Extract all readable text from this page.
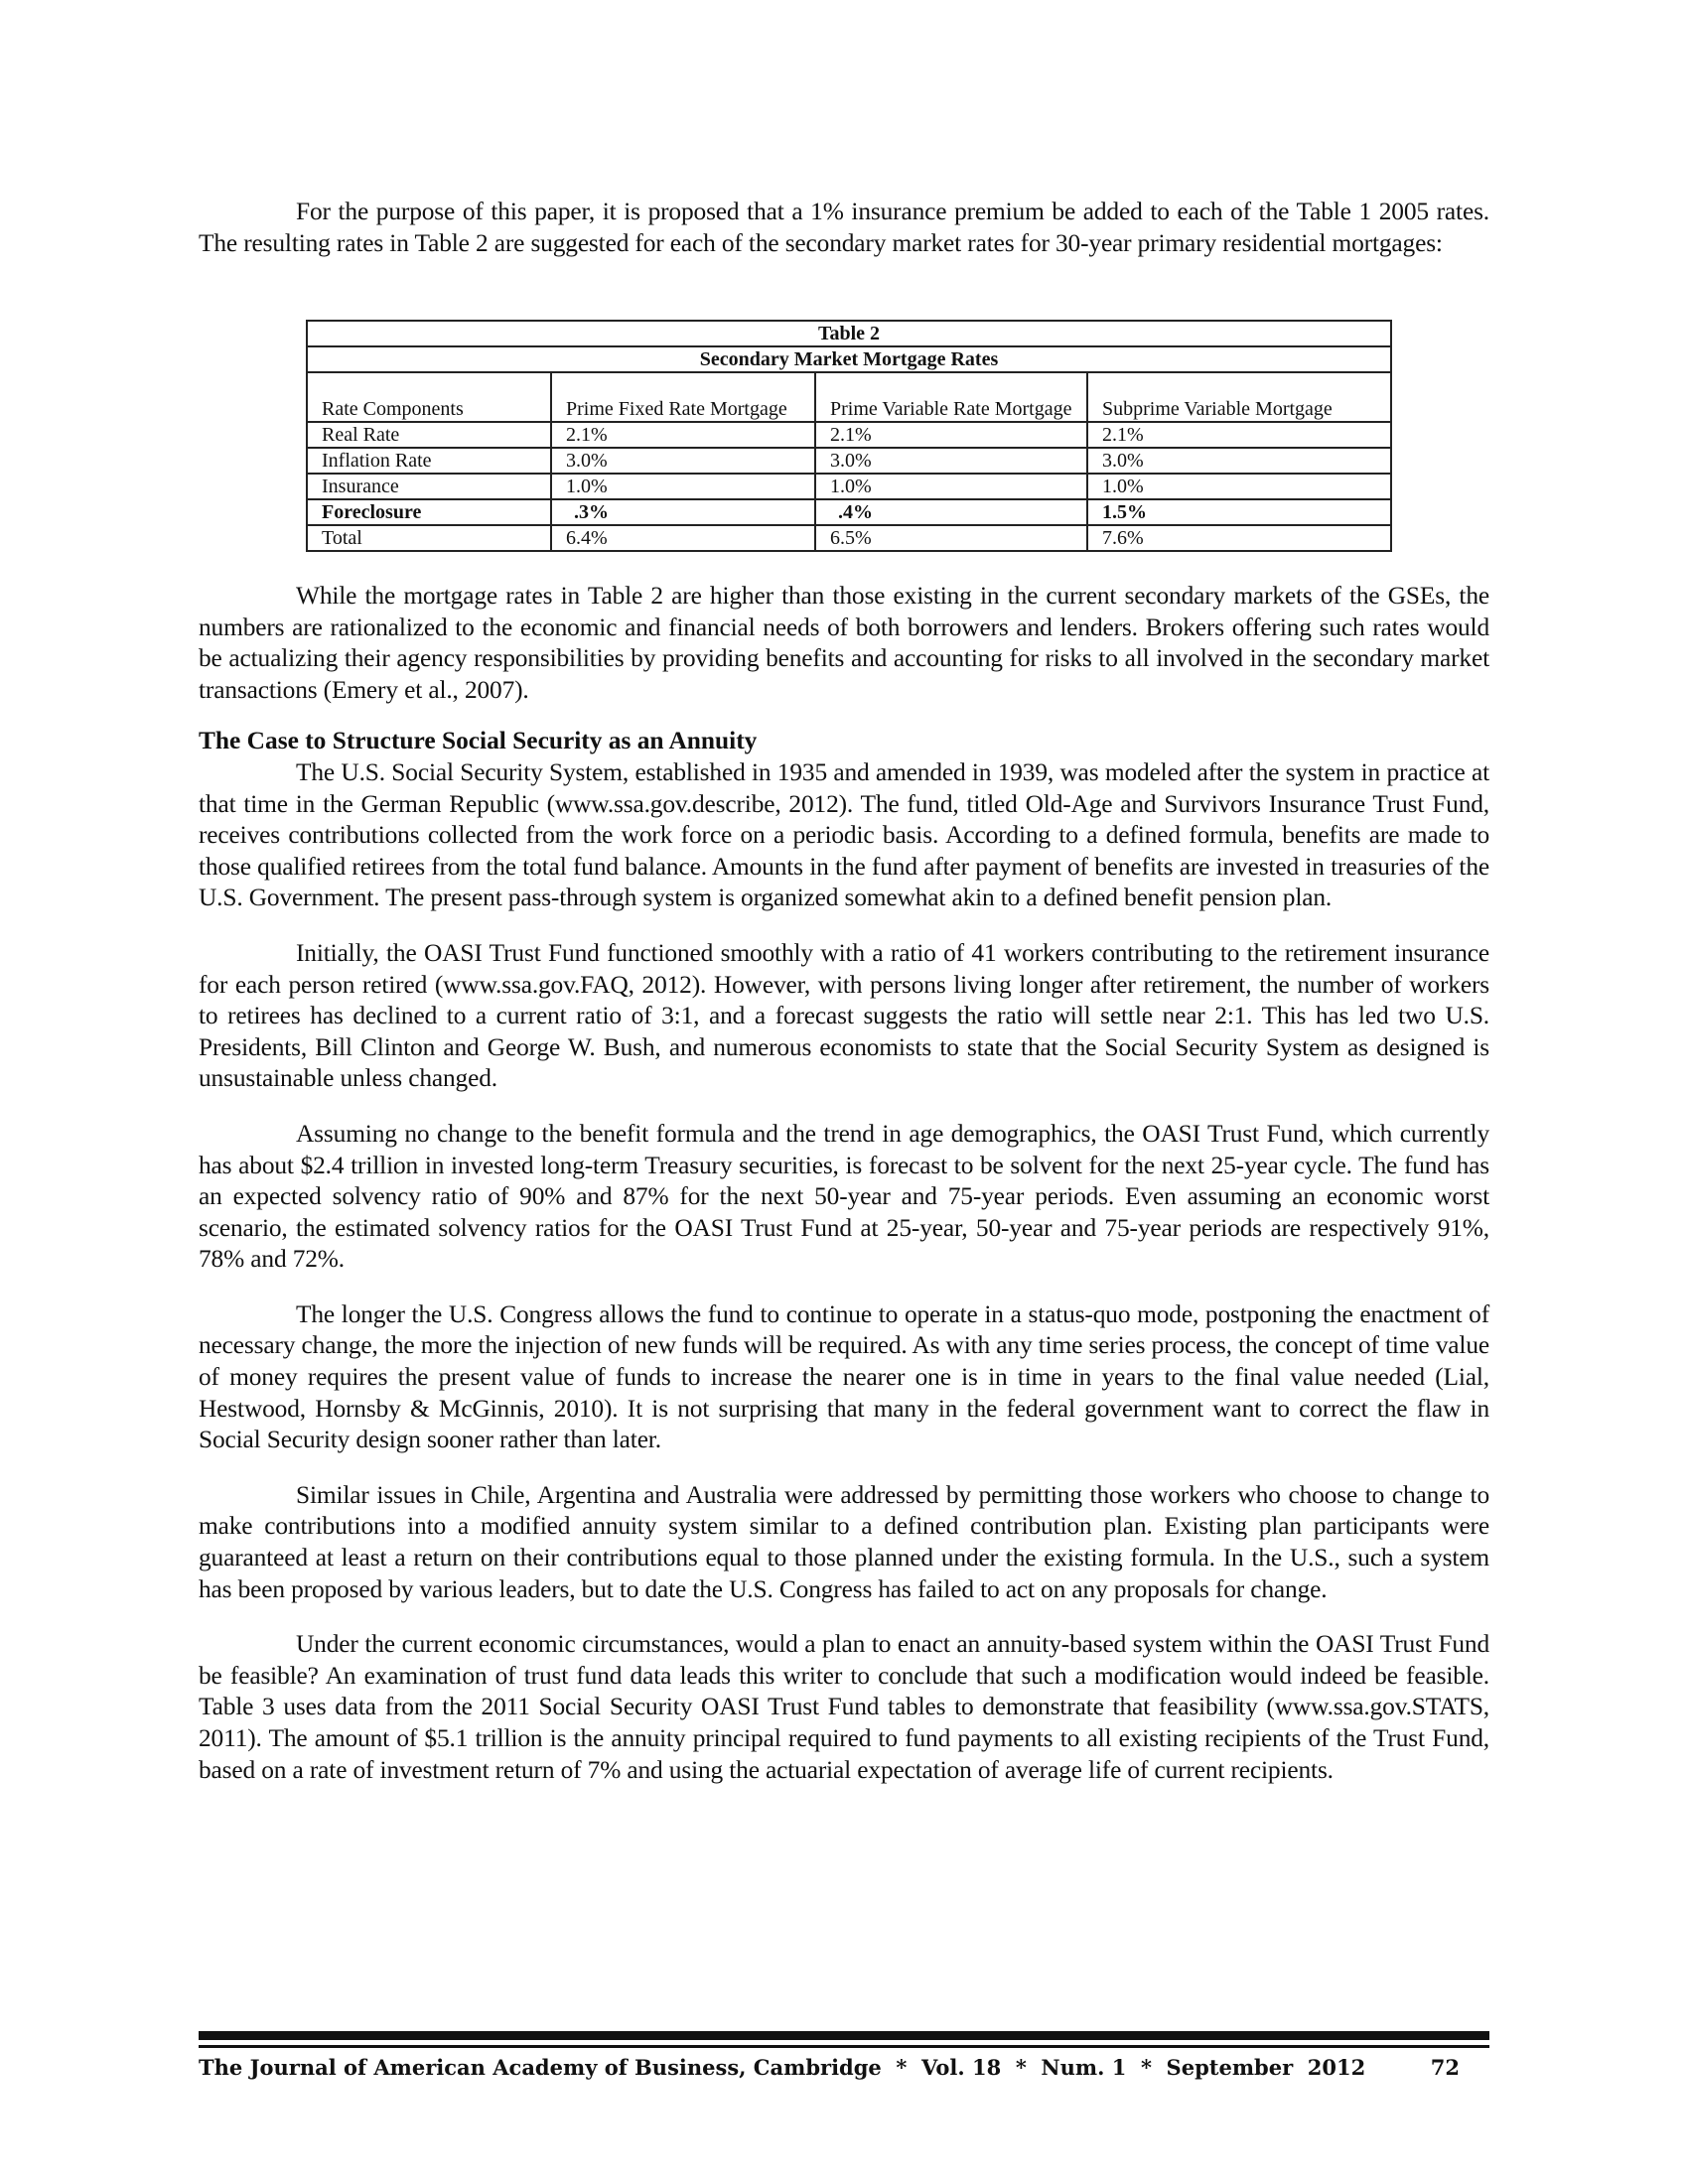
For the purpose of this paper, it is proposed that a 1% insurance premium be added to each of the Table 1 2005 rates. The resulting rates in Table 2 are suggested for each of the secondary market rates for 30-year primary residential mortgages:

Table 2			
Secondary Market Mortgage Rates			
Rate Components	Prime Fixed Rate Mortgage	Prime Variable Rate Mortgage	Subprime Variable Mortgage
Real Rate	2.1%	2.1%	2.1%
Inflation Rate	3.0%	3.0%	3.0%
Insurance	1.0%	1.0%	1.0%
Foreclosure	.3%	.4%	1.5%
Total	6.4%	6.5%	7.6%

While the mortgage rates in Table 2 are higher than those existing in the current secondary markets of the GSEs, the numbers are rationalized to the economic and financial needs of both borrowers and lenders. Brokers offering such rates would be actualizing their agency responsibilities by providing benefits and accounting for risks to all involved in the secondary market transactions (Emery et al., 2007).

The Case to Structure Social Security as an Annuity

The U.S. Social Security System, established in 1935 and amended in 1939, was modeled after the system in practice at that time in the German Republic (www.ssa.gov.describe, 2012). The fund, titled Old-Age and Survivors Insurance Trust Fund, receives contributions collected from the work force on a periodic basis. According to a defined formula, benefits are made to those qualified retirees from the total fund balance. Amounts in the fund after payment of benefits are invested in treasuries of the U.S. Government. The present pass-through system is organized somewhat akin to a defined benefit pension plan.

Initially, the OASI Trust Fund functioned smoothly with a ratio of 41 workers contributing to the retirement insurance for each person retired (www.ssa.gov.FAQ, 2012). However, with persons living longer after retirement, the number of workers to retirees has declined to a current ratio of 3:1, and a forecast suggests the ratio will settle near 2:1. This has led two U.S. Presidents, Bill Clinton and George W. Bush, and numerous economists to state that the Social Security System as designed is unsustainable unless changed.

Assuming no change to the benefit formula and the trend in age demographics, the OASI Trust Fund, which currently has about $2.4 trillion in invested long-term Treasury securities, is forecast to be solvent for the next 25-year cycle. The fund has an expected solvency ratio of 90% and 87% for the next 50-year and 75-year periods. Even assuming an economic worst scenario, the estimated solvency ratios for the OASI Trust Fund at 25-year, 50-year and 75-year periods are respectively 91%, 78% and 72%.

The longer the U.S. Congress allows the fund to continue to operate in a status-quo mode, postponing the enactment of necessary change, the more the injection of new funds will be required. As with any time series process, the concept of time value of money requires the present value of funds to increase the nearer one is in time in years to the final value needed (Lial, Hestwood, Hornsby & McGinnis, 2010). It is not surprising that many in the federal government want to correct the flaw in Social Security design sooner rather than later.

Similar issues in Chile, Argentina and Australia were addressed by permitting those workers who choose to change to make contributions into a modified annuity system similar to a defined contribution plan. Existing plan participants were guaranteed at least a return on their contributions equal to those planned under the existing formula. In the U.S., such a system has been proposed by various leaders, but to date the U.S. Congress has failed to act on any proposals for change.

Under the current economic circumstances, would a plan to enact an annuity-based system within the OASI Trust Fund be feasible? An examination of trust fund data leads this writer to conclude that such a modification would indeed be feasible. Table 3 uses data from the 2011 Social Security OASI Trust Fund tables to demonstrate that feasibility (www.ssa.gov.STATS, 2011). The amount of $5.1 trillion is the annuity principal required to fund payments to all existing recipients of the Trust Fund, based on a rate of investment return of 7% and using the actuarial expectation of average life of current recipients.

The Journal of American Academy of Business, Cambridge  *  Vol. 18  *  Num. 1  *  September  2012	72
